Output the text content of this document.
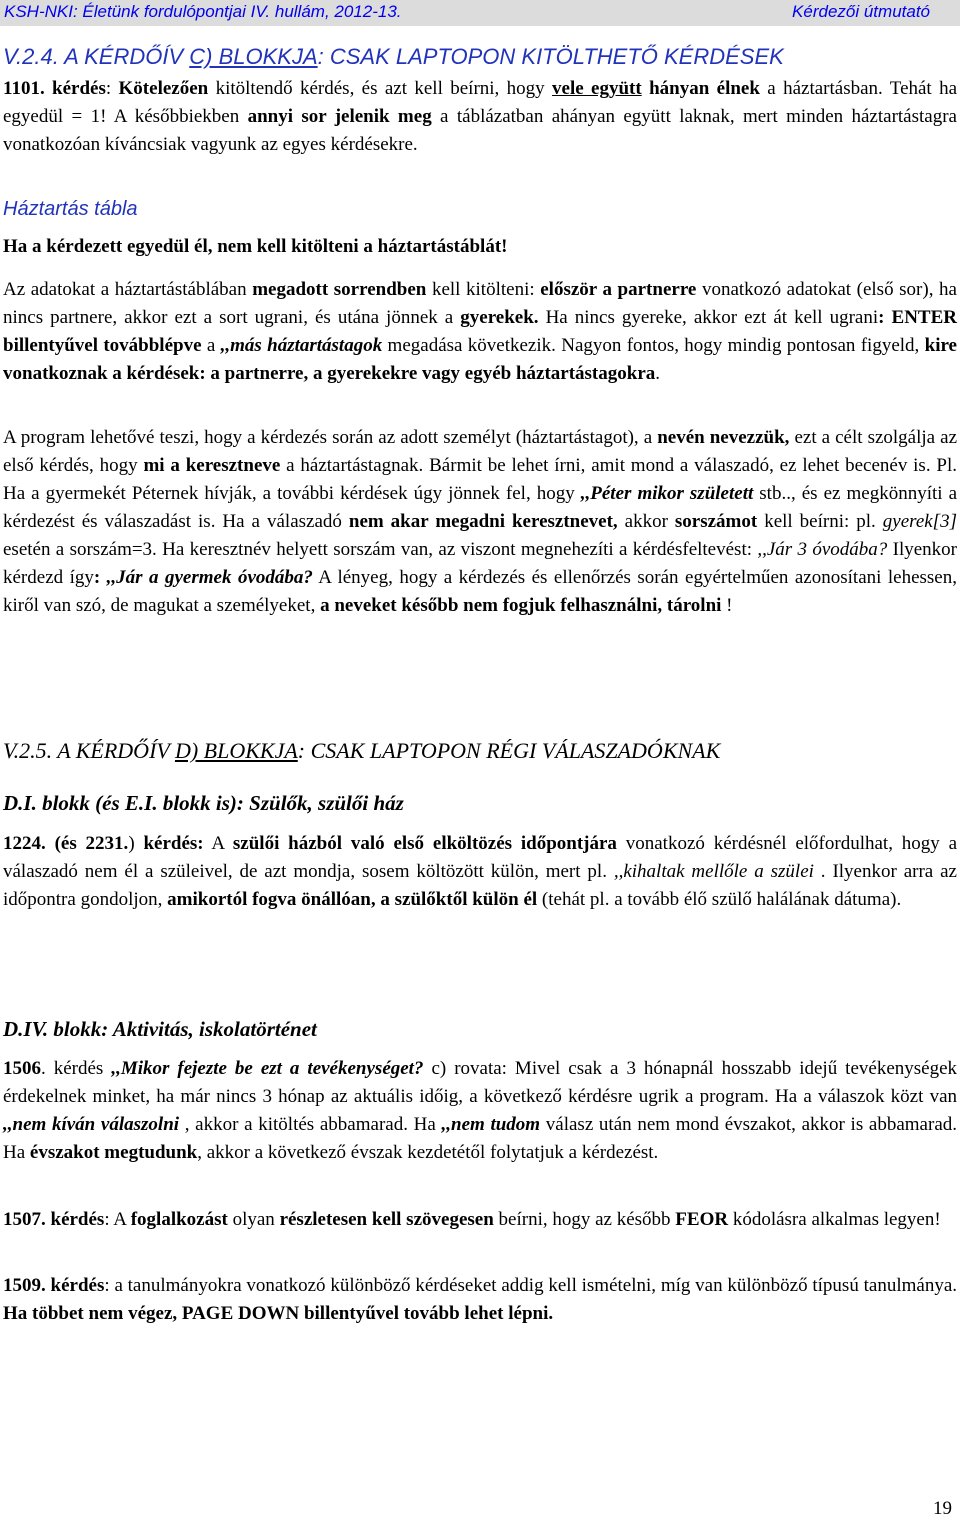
KSH-NKI: Életünk fordulópontjai IV. hullám, 2012-13.	Kérdezői útmutató
V.2.4. A KÉRDŐÍV C) BLOKKJA: CSAK LAPTOPON KITÖLTHETŐ KÉRDÉSEK

1101. kérdés: Kötelezően kitöltendő kérdés, és azt kell beírni, hogy vele együtt hányan élnek a háztartásban. Tehát ha egyedül = 1! A későbbiekben annyi sor jelenik meg a táblázatban ahányan együtt laknak, mert minden háztartástagra vonatkozóan kíváncsiak vagyunk az egyes kérdésekre.

Háztartás tábla

Ha a kérdezett egyedül él, nem kell kitölteni a háztartástáblát!

Az adatokat a háztartástáblában megadott sorrendben kell kitölteni: először a partnerre vonatkozó adatokat (első sor), ha nincs partnere, akkor ezt a sort ugrani, és utána jönnek a gyerekek. Ha nincs gyereke, akkor ezt át kell ugrani: ENTER billentyűvel továbblépve a ,,más háztartástagok megadása következik. Nagyon fontos, hogy mindig pontosan figyeld, kire vonatkoznak a kérdések: a partnerre, a gyerekekre vagy egyéb háztartástagokra.

A program lehetővé teszi, hogy a kérdezés során az adott személyt (háztartástagot), a nevén nevezzük, ezt a célt szolgálja az első kérdés, hogy mi a keresztneve a háztartástagnak. Bármit be lehet írni, amit mond a válaszadó, ez lehet becenév is. Pl. Ha a gyermekét Péternek hívják, a további kérdések úgy jönnek fel, hogy ,,Péter mikor született stb.., és ez megkönnyíti a kérdezést és válaszadást is. Ha a válaszadó nem akar megadni keresztnevet, akkor sorszámot kell beírni: pl. gyerek[3] esetén a sorszám=3. Ha keresztnév helyett sorszám van, az viszont megnehezíti a kérdésfeltevést: ,,Jár 3 óvodába? Ilyenkor kérdezd így: ,,Jár a gyermek óvodába? A lényeg, hogy a kérdezés és ellenőrzés során egyértelműen azonosítani lehessen, kiről van szó, de magukat a személyeket, a neveket később nem fogjuk felhasználni, tárolni !

V.2.5. A KÉRDŐÍV D) BLOKKJA: CSAK LAPTOPON RÉGI VÁLASZADÓKNAK
D.I. blokk (és E.I. blokk is): Szülők, szülői ház

1224. (és 2231.) kérdés: A szülői házból való első elköltözés időpontjára vonatkozó kérdésnél előfordulhat, hogy a válaszadó nem él a szüleivel, de azt mondja, sosem költözött külön, mert pl. ,,kihaltak mellőle a szülei . Ilyenkor arra az időpontra gondoljon, amikortól fogva önállóan, a szülőktől külön él (tehát pl. a tovább élő szülő halálának dátuma).

D.IV. blokk: Aktivitás, iskolatörténet

1506. kérdés ,,Mikor fejezte be ezt a tevékenységet? c) rovata: Mivel csak a 3 hónapnál hosszabb idejű tevékenységek érdekelnek minket, ha már nincs 3 hónap az aktuális időig, a következő kérdésre ugrik a program. Ha a válaszok közt van ,,nem kíván válaszolni , akkor a kitöltés abbamarad. Ha ,,nem tudom válasz után nem mond évszakot, akkor is abbamarad. Ha évszakot megtudunk, akkor a következő évszak kezdetétől folytatjuk a kérdezést.

1507. kérdés: A foglalkozást olyan részletesen kell szövegesen beírni, hogy az később FEOR kódolásra alkalmas legyen!

1509. kérdés: a tanulmányokra vonatkozó különböző kérdéseket addig kell ismételni, míg van különböző típusú tanulmánya. Ha többet nem végez, PAGE DOWN billentyűvel tovább lehet lépni.

19
